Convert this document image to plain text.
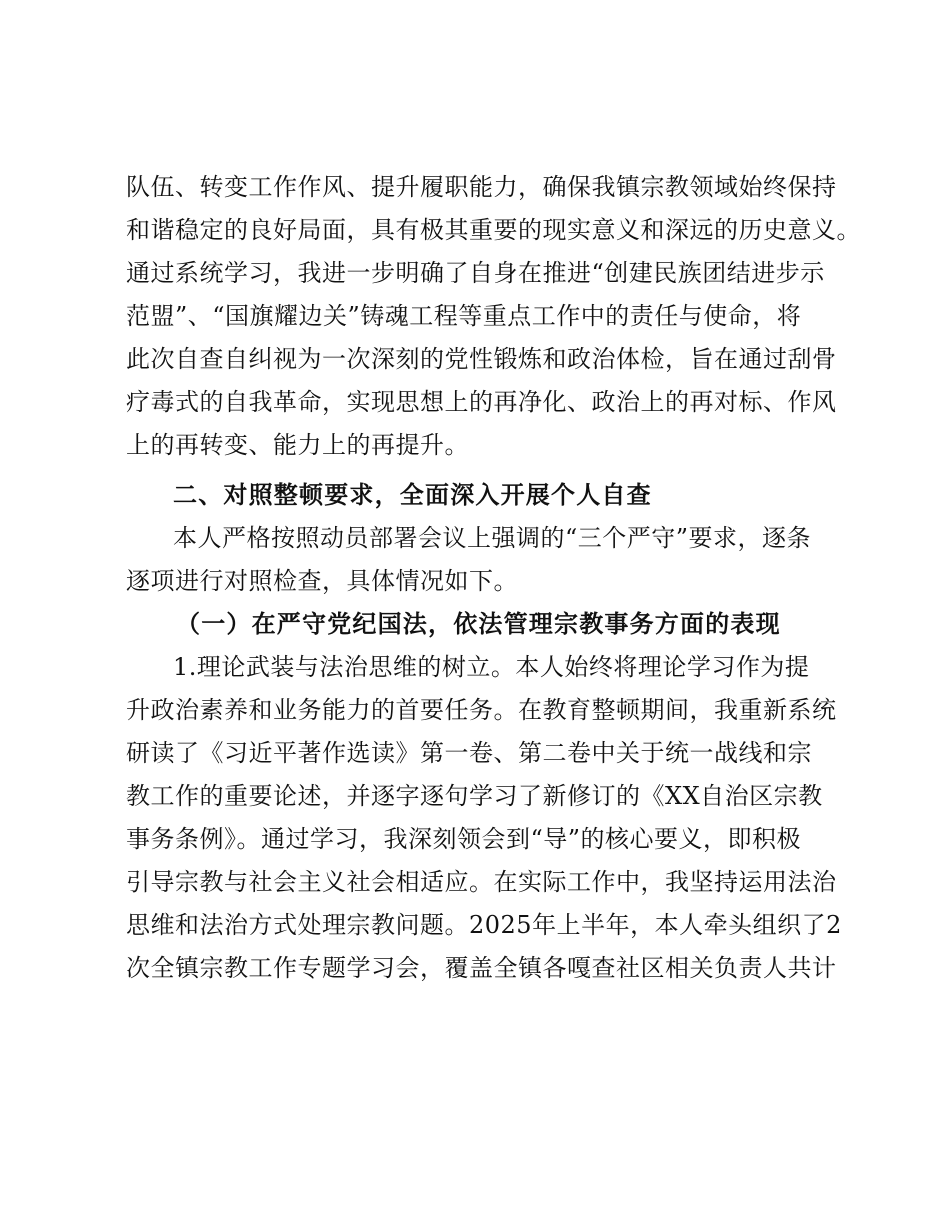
队伍、转变工作作风、提升履职能力，确保我镇宗教领域始终保持
和谐稳定的良好局面，具有极其重要的现实意义和深远的历史意义。
通过系统学习，我进一步明确了自身在推进“创建民族团结进步示
范盟”、“国旗耀边关”铸魂工程等重点工作中的责任与使命，将
此次自查自纠视为一次深刻的党性锻炼和政治体检，旨在通过刮骨
疗毒式的自我革命，实现思想上的再净化、政治上的再对标、作风
上的再转变、能力上的再提升。
二、对照整顿要求，全面深入开展个人自查
本人严格按照动员部署会议上强调的“三个严守”要求，逐条
逐项进行对照检查，具体情况如下。
（一）在严守党纪国法，依法管理宗教事务方面的表现
1.理论武装与法治思维的树立。本人始终将理论学习作为提
升政治素养和业务能力的首要任务。在教育整顿期间，我重新系统
研读了《习近平著作选读》第一卷、第二卷中关于统一战线和宗
教工作的重要论述，并逐字逐句学习了新修订的《XX自治区宗教
事务条例》。通过学习，我深刻领会到“导”的核心要义，即积极
引导宗教与社会主义社会相适应。在实际工作中，我坚持运用法治
思维和法治方式处理宗教问题。2025年上半年，本人牵头组织了2
次全镇宗教工作专题学习会，覆盖全镇各嘎查社区相关负责人共计
